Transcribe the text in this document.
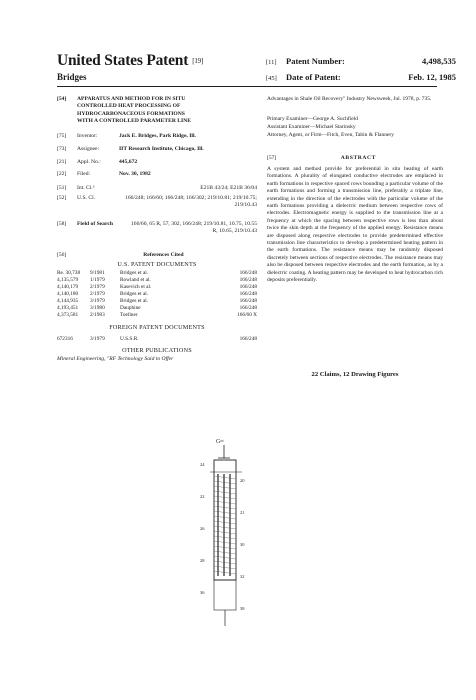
United States Patent [19]
Bridges
[11] Patent Number:	4,498,535
[45] Date of Patent:	Feb. 12, 1985
[54]	APPARATUS AND METHOD FOR IN SITU
CONTROLLED HEAT PROCESSING OF
HYDROCARBONACEOUS FORMATIONS
WITH A CONTROLLED PARAMETER LINE
[75]	Inventor:	Jack E. Bridges, Park Ridge, Ill.
[73]	Assignee:	IIT Research Institute, Chicago, Ill.
[21]	Appl. No.:	445,672
[22]	Filed:	Nov. 30, 1982
[51]	Int. Cl.³	E21B 43/24; E21B 36/04
[52]	U.S. Cl.	166/248; 166/60; 166/248; 166/302; 219/10.81; 219/10.75; 219/10.43
[58]	Field of Search	166/60, 65 R, 57, 302, 166/248; 219/10.81, 10.75, 10.55 R, 10.65, 219/10.43
[56]	References Cited
U.S. PATENT DOCUMENTS
Re. 30,738	9/1981	Bridges et al.	166/248
4,135,579	1/1979	Rowland et al.	166/248
4,140,179	2/1979	Kasevich et al.	166/248
4,140,180	2/1979	Bridges et al.	166/248
4,144,935	3/1979	Bridges et al.	166/248
4,193,451	3/1980	Dauphine	166/248
4,373,581	2/1983	Toellner	166/60 X
FOREIGN PATENT DOCUMENTS
672316	3/1979	U.S.S.R.	166/248
OTHER PUBLICATIONS
Mineral Engineering, "RF Technology Said to Offer
Advantages in Shale Oil Recovery" Industry Newsweek, Jul. 1978, p. 735.
Primary Examiner—George A. Suchfield
Assistant Examiner—Michael Starinsky
Attorney, Agent, or Firm—Fitch, Even, Tabin & Flannery
[57]	ABSTRACT
A system and method provide for preferential in situ heating of earth formations. A plurality of elongated conductive electrodes are emplaced in earth formations in respective spaced rows bounding a particular volume of the earth formations and forming a transmission line, preferably a triplate line, extending in the direction of the electrodes with the particular volume of the earth formations providing a dielectric medium between respective rows of electrodes. Electromagnetic energy is supplied to the transmission line at a frequency at which the spacing between respective rows is less than about twice the skin depth at the frequency of the applied energy. Resistance means are disposed along respective electrodes to provide predetermined effective transmission line characteristics to develop a predetermined heating pattern in the earth formations. The resistance means may be randomly disposed discretely between sections of respective electrodes. The resistance means may also be disposed between respective electrodes and the earth formation, as by a dielectric coating. A heating pattern may be developed to heat hydrocarbon rich deposits preferentially.
22 Claims, 12 Drawing Figures
G≈
24
20
22
21
26
30
28
32
36
38
